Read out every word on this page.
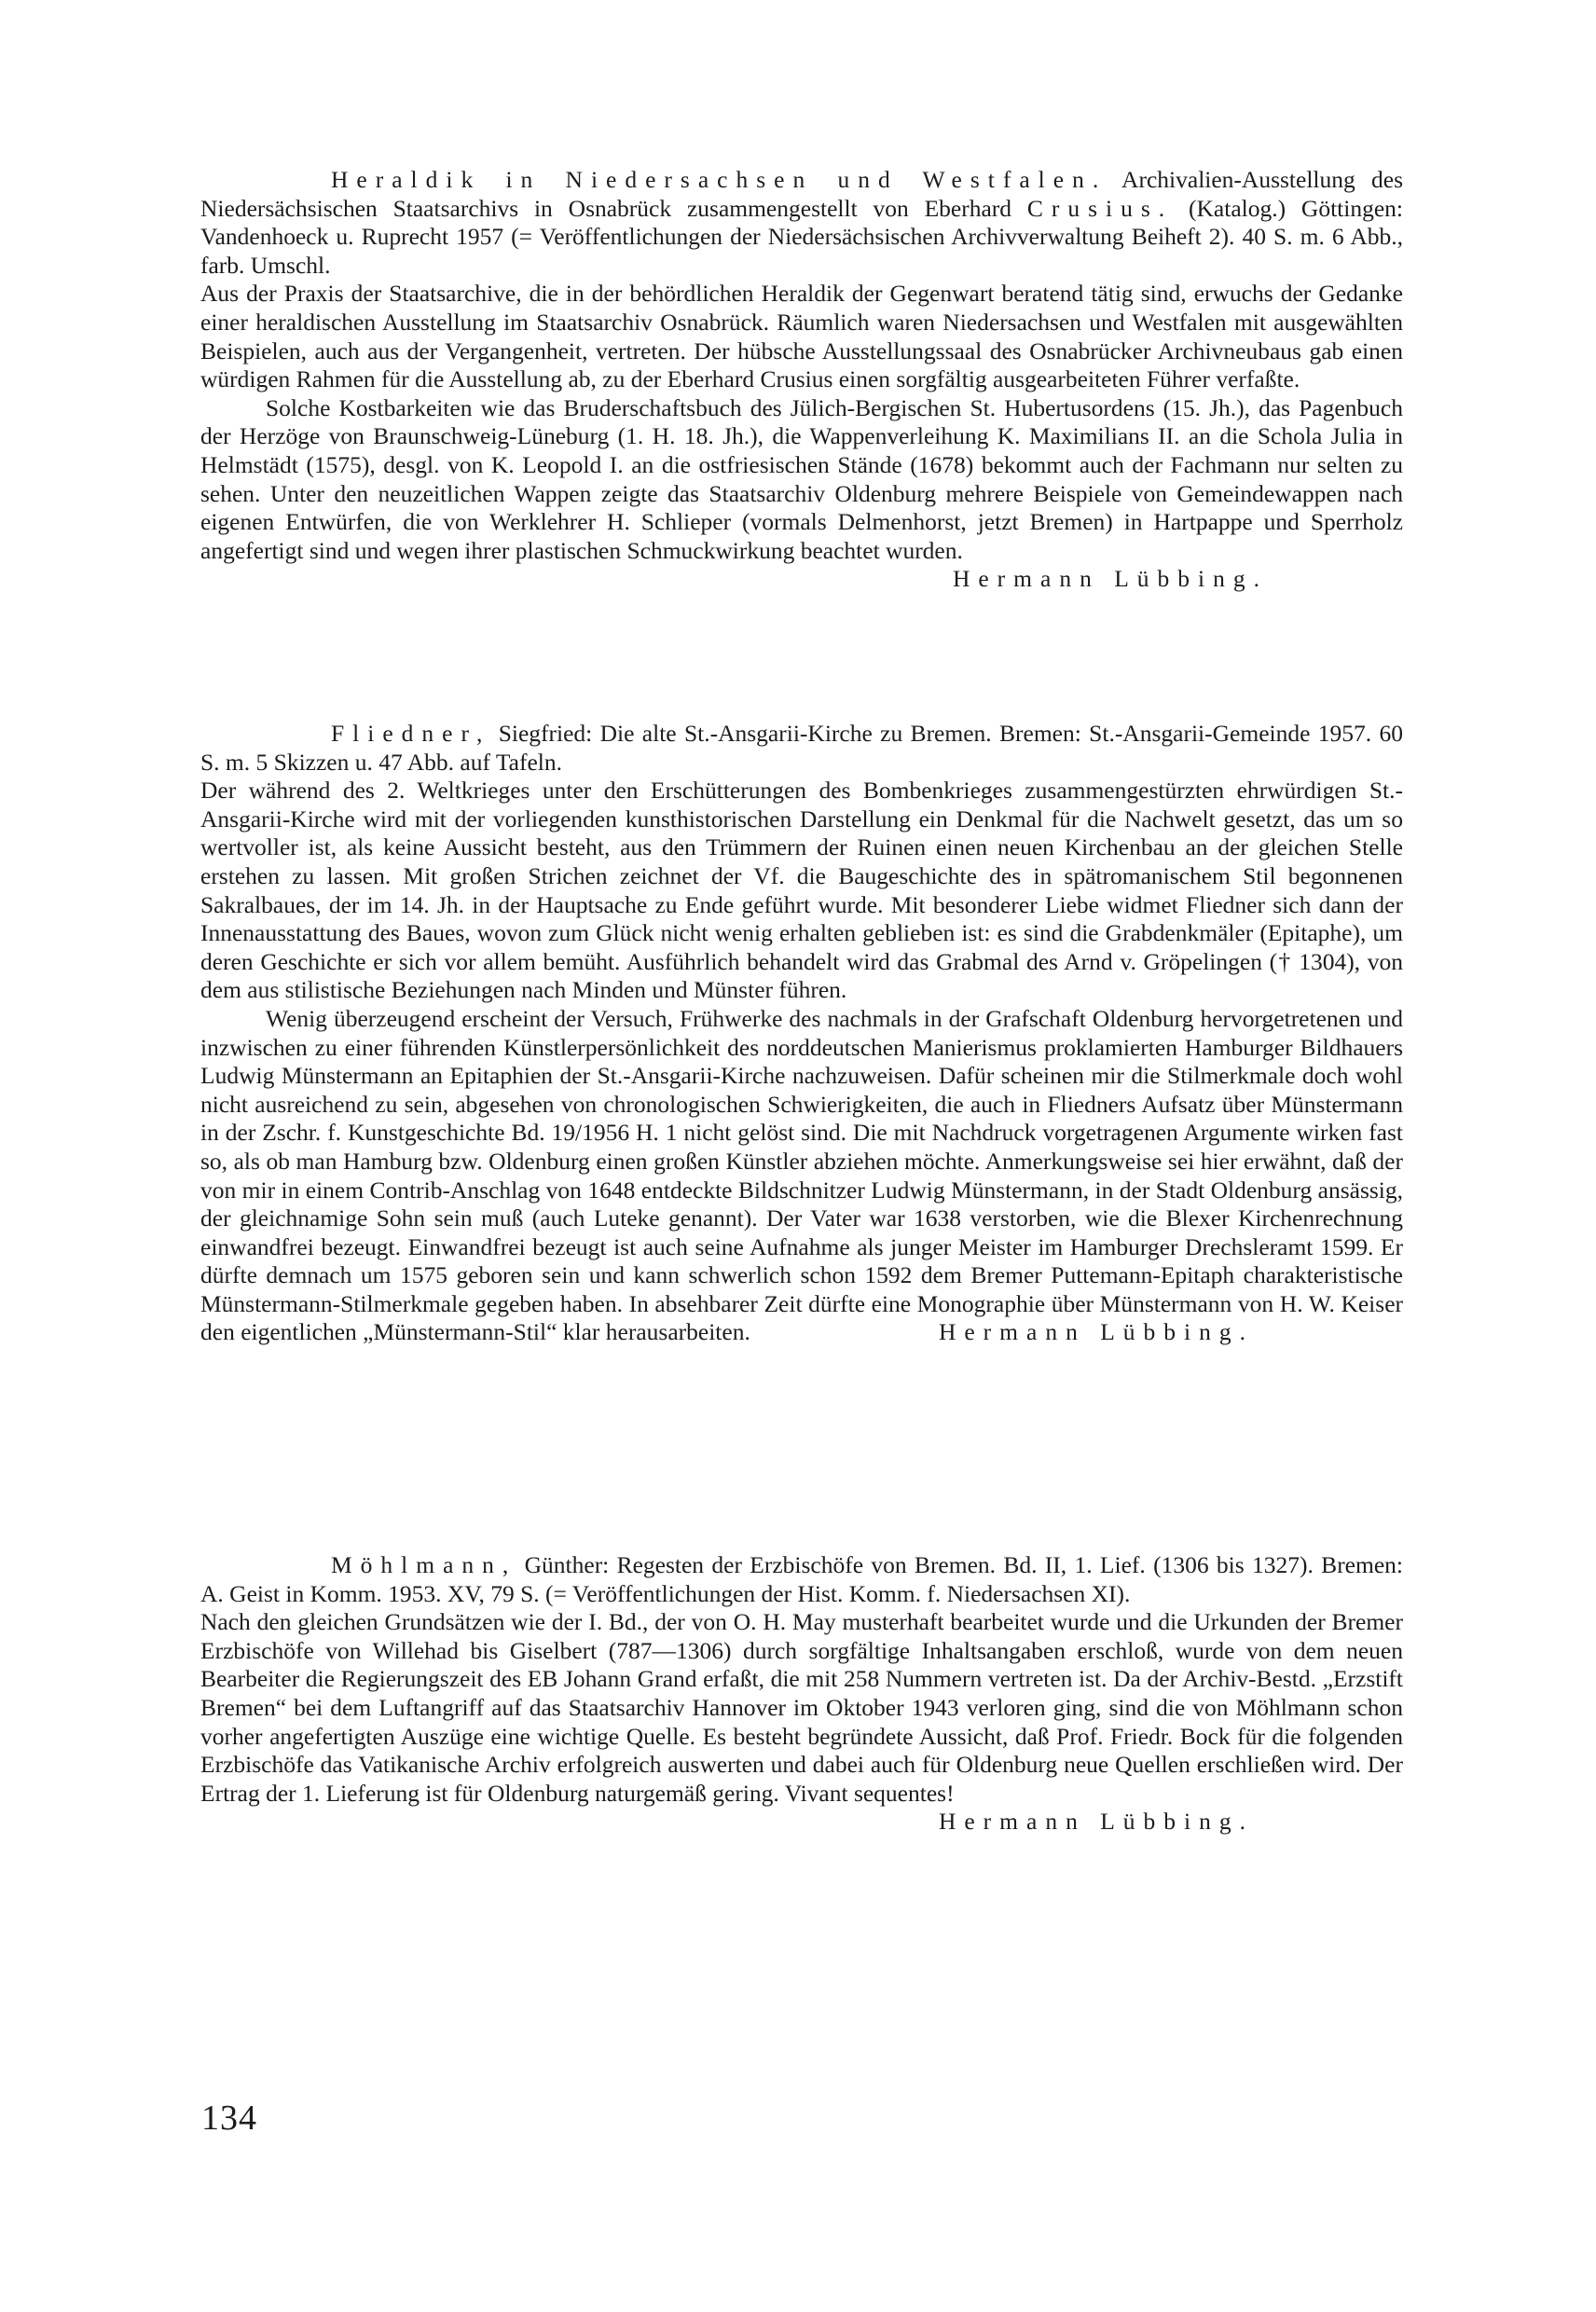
Heraldik in Niedersachsen und Westfalen. Archivalien-Ausstellung des Niedersächsischen Staatsarchivs in Osnabrück zusammengestellt von Eberhard Crusius. (Katalog.) Göttingen: Vandenhoeck u. Ruprecht 1957 (= Veröffentlichungen der Niedersächsischen Archivverwaltung Beiheft 2). 40 S. m. 6 Abb., farb. Umschl.

Aus der Praxis der Staatsarchive, die in der behördlichen Heraldik der Gegenwart beratend tätig sind, erwuchs der Gedanke einer heraldischen Ausstellung im Staatsarchiv Osnabrück. Räumlich waren Niedersachsen und Westfalen mit ausgewählten Beispielen, auch aus der Vergangenheit, vertreten. Der hübsche Ausstellungssaal des Osnabrücker Archivneubaus gab einen würdigen Rahmen für die Ausstellung ab, zu der Eberhard Crusius einen sorgfältig ausgearbeiteten Führer verfaßte.

Solche Kostbarkeiten wie das Bruderschaftsbuch des Jülich-Bergischen St. Hubertusordens (15. Jh.), das Pagenbuch der Herzöge von Braunschweig-Lüneburg (1. H. 18. Jh.), die Wappenverleihung K. Maximilians II. an die Schola Julia in Helmstädt (1575), desgl. von K. Leopold I. an die ostfriesischen Stände (1678) bekommt auch der Fachmann nur selten zu sehen. Unter den neuzeitlichen Wappen zeigte das Staatsarchiv Oldenburg mehrere Beispiele von Gemeindewappen nach eigenen Entwürfen, die von Werklehrer H. Schlieper (vormals Delmenhorst, jetzt Bremen) in Hartpappe und Sperrholz angefertigt sind und wegen ihrer plastischen Schmuckwirkung beachtet wurden.

Hermann Lübbing.

Fliedner, Siegfried: Die alte St.-Ansgarii-Kirche zu Bremen. Bremen: St.-Ansgarii-Gemeinde 1957. 60 S. m. 5 Skizzen u. 47 Abb. auf Tafeln.

Der während des 2. Weltkrieges unter den Erschütterungen des Bombenkrieges zusammengestürzten ehrwürdigen St.-Ansgarii-Kirche wird mit der vorliegenden kunsthistorischen Darstellung ein Denkmal für die Nachwelt gesetzt, das um so wertvoller ist, als keine Aussicht besteht, aus den Trümmern der Ruinen einen neuen Kirchenbau an der gleichen Stelle erstehen zu lassen. Mit großen Strichen zeichnet der Vf. die Baugeschichte des in spätromanischem Stil begonnenen Sakralbaues, der im 14. Jh. in der Hauptsache zu Ende geführt wurde. Mit besonderer Liebe widmet Fliedner sich dann der Innenausstattung des Baues, wovon zum Glück nicht wenig erhalten geblieben ist: es sind die Grabdenkmäler (Epitaphe), um deren Geschichte er sich vor allem bemüht. Ausführlich behandelt wird das Grabmal des Arnd v. Gröpelingen († 1304), von dem aus stilistische Beziehungen nach Minden und Münster führen.

Wenig überzeugend erscheint der Versuch, Frühwerke des nachmals in der Grafschaft Oldenburg hervorgetretenen und inzwischen zu einer führenden Künstlerpersönlichkeit des norddeutschen Manierismus proklamierten Hamburger Bildhauers Ludwig Münstermann an Epitaphien der St.-Ansgarii-Kirche nachzuweisen. Dafür scheinen mir die Stilmerkmale doch wohl nicht ausreichend zu sein, abgesehen von chronologischen Schwierigkeiten, die auch in Fliedners Aufsatz über Münstermann in der Zschr. f. Kunstgeschichte Bd. 19/1956 H. 1 nicht gelöst sind. Die mit Nachdruck vorgetragenen Argumente wirken fast so, als ob man Hamburg bzw. Oldenburg einen großen Künstler abziehen möchte. Anmerkungsweise sei hier erwähnt, daß der von mir in einem Contrib-Anschlag von 1648 entdeckte Bildschnitzer Ludwig Münstermann, in der Stadt Oldenburg ansässig, der gleichnamige Sohn sein muß (auch Luteke genannt). Der Vater war 1638 verstorben, wie die Blexer Kirchenrechnung einwandfrei bezeugt. Einwandfrei bezeugt ist auch seine Aufnahme als junger Meister im Hamburger Drechsleramt 1599. Er dürfte demnach um 1575 geboren sein und kann schwerlich schon 1592 dem Bremer Puttemann-Epitaph charakteristische Münstermann-Stilmerkmale gegeben haben. In absehbarer Zeit dürfte eine Monographie über Münstermann von H. W. Keiser den eigentlichen „Münstermann-Stil“ klar herausarbeiten.	Hermann Lübbing.

Möhlmann, Günther: Regesten der Erzbischöfe von Bremen. Bd. II, 1. Lief. (1306 bis 1327). Bremen: A. Geist in Komm. 1953. XV, 79 S. (= Veröffentlichungen der Hist. Komm. f. Niedersachsen XI).

Nach den gleichen Grundsätzen wie der I. Bd., der von O. H. May musterhaft bearbeitet wurde und die Urkunden der Bremer Erzbischöfe von Willehad bis Giselbert (787—1306) durch sorgfältige Inhaltsangaben erschloß, wurde von dem neuen Bearbeiter die Regierungszeit des EB Johann Grand erfaßt, die mit 258 Nummern vertreten ist. Da der Archiv-Bestd. „Erzstift Bremen“ bei dem Luftangriff auf das Staatsarchiv Hannover im Oktober 1943 verloren ging, sind die von Möhlmann schon vorher angefertigten Auszüge eine wichtige Quelle. Es besteht begründete Aussicht, daß Prof. Friedr. Bock für die folgenden Erzbischöfe das Vatikanische Archiv erfolgreich auswerten und dabei auch für Oldenburg neue Quellen erschließen wird. Der Ertrag der 1. Lieferung ist für Oldenburg naturgemäß gering. Vivant sequentes!
Hermann Lübbing.

134
